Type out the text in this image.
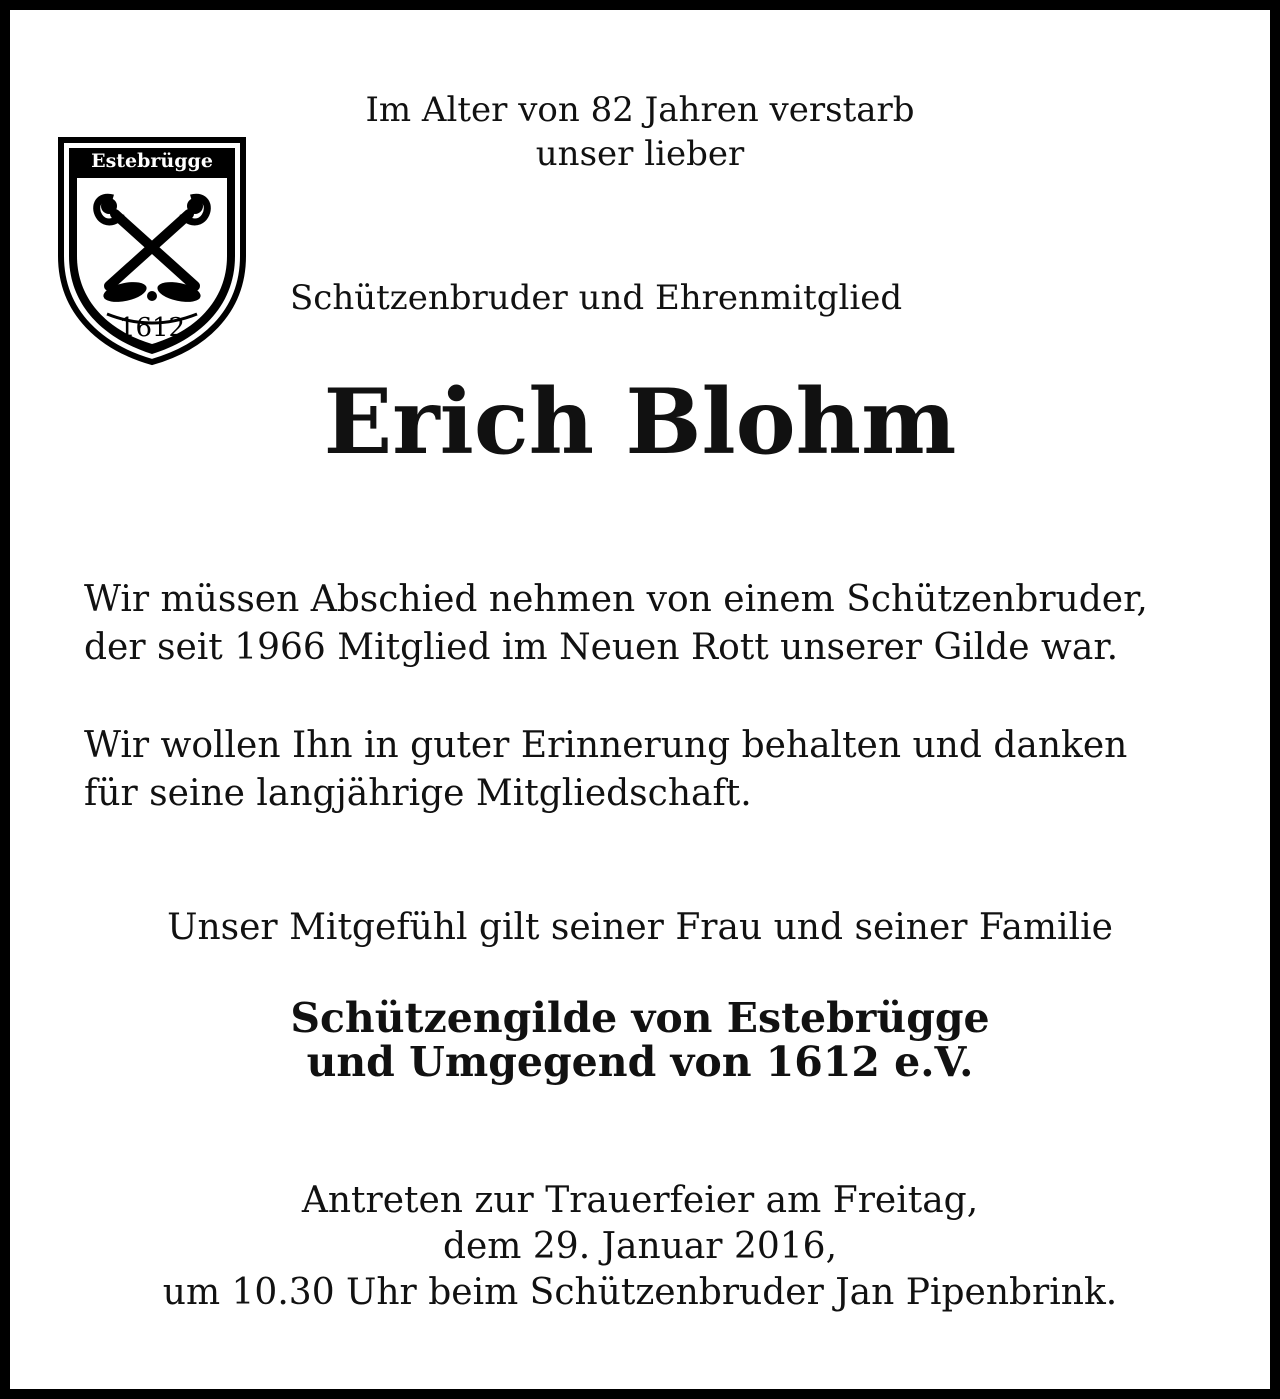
Estebrügge
1612
Im Alter von 82 Jahren verstarb
unser lieber
Schützenbruder und Ehrenmitglied
Erich Blohm
Wir müssen Abschied nehmen von einem Schützenbruder,
der seit 1966 Mitglied im Neuen Rott unserer Gilde war.
Wir wollen Ihn in guter Erinnerung behalten und danken
für seine langjährige Mitgliedschaft.
Unser Mitgefühl gilt seiner Frau und seiner Familie
Schützengilde von Estebrügge
und Umgegend von 1612 e.V.
Antreten zur Trauerfeier am Freitag,
dem 29. Januar 2016,
um 10.30 Uhr beim Schützenbruder Jan Pipenbrink.
